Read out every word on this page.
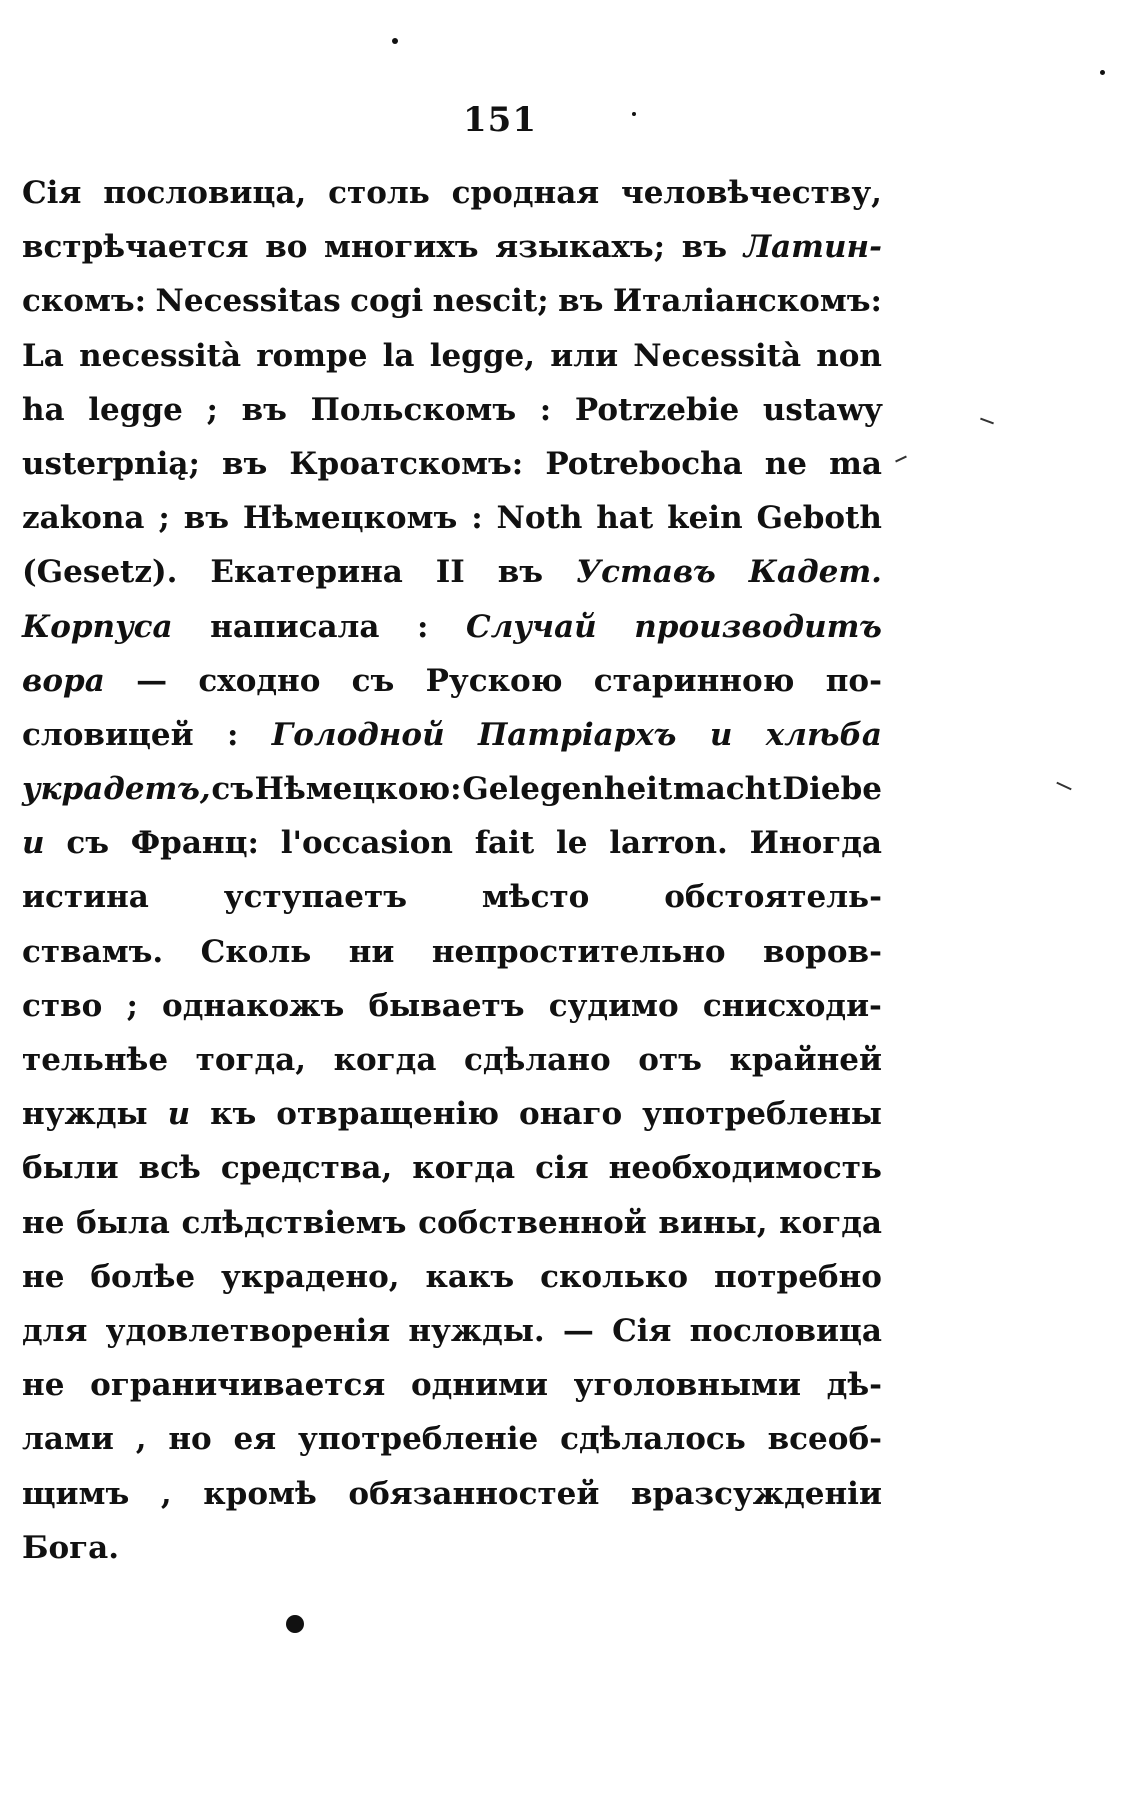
151
Сія пословица, столь сродная человѣчеству,
встрѣчается во многихъ языкахъ; въ Латин-
скомъ: Necessitas cogi nescit; въ Италіанскомъ:
La necessità rompe la legge, или Necessità non
ha legge ; въ Польскомъ : Potrzebie ustawy
usterpnią; въ Кроатскомъ: Potrebocha ne ma
zakona ; въ Нѣмецкомъ : Noth hat kein Geboth
(Gesetz). Екатерина II въ Уставъ Кадет.
Корпуса написала : Случай производитъ
вора — сходно съ Рускою старинною по-
словицей : Голодной Патріархъ и хлѣба
украдетъ, съ Нѣмецкою: Gelegenheit macht Diebe
и съ Франц: l'occasion fait le larron. Иногда
истина уступаетъ мѣсто обстоятель-
ствамъ. Сколь ни непростительно воров-
ство ; однакожъ бываетъ судимо снисходи-
тельнѣе тогда, когда сдѣлано отъ крайней
нужды и къ отвращенію онаго употреблены
были всѣ средства, когда сія необходимость
не была слѣдствіемъ собственной вины, когда
не болѣе украдено, какъ сколько потребно
для удовлетворенія нужды. — Сія пословица
не ограничивается одними уголовными дѣ-
лами , но ея употребленіе сдѣлалось всеоб-
щимъ , кромѣ обязанностей вразсужденіи
Бога.
